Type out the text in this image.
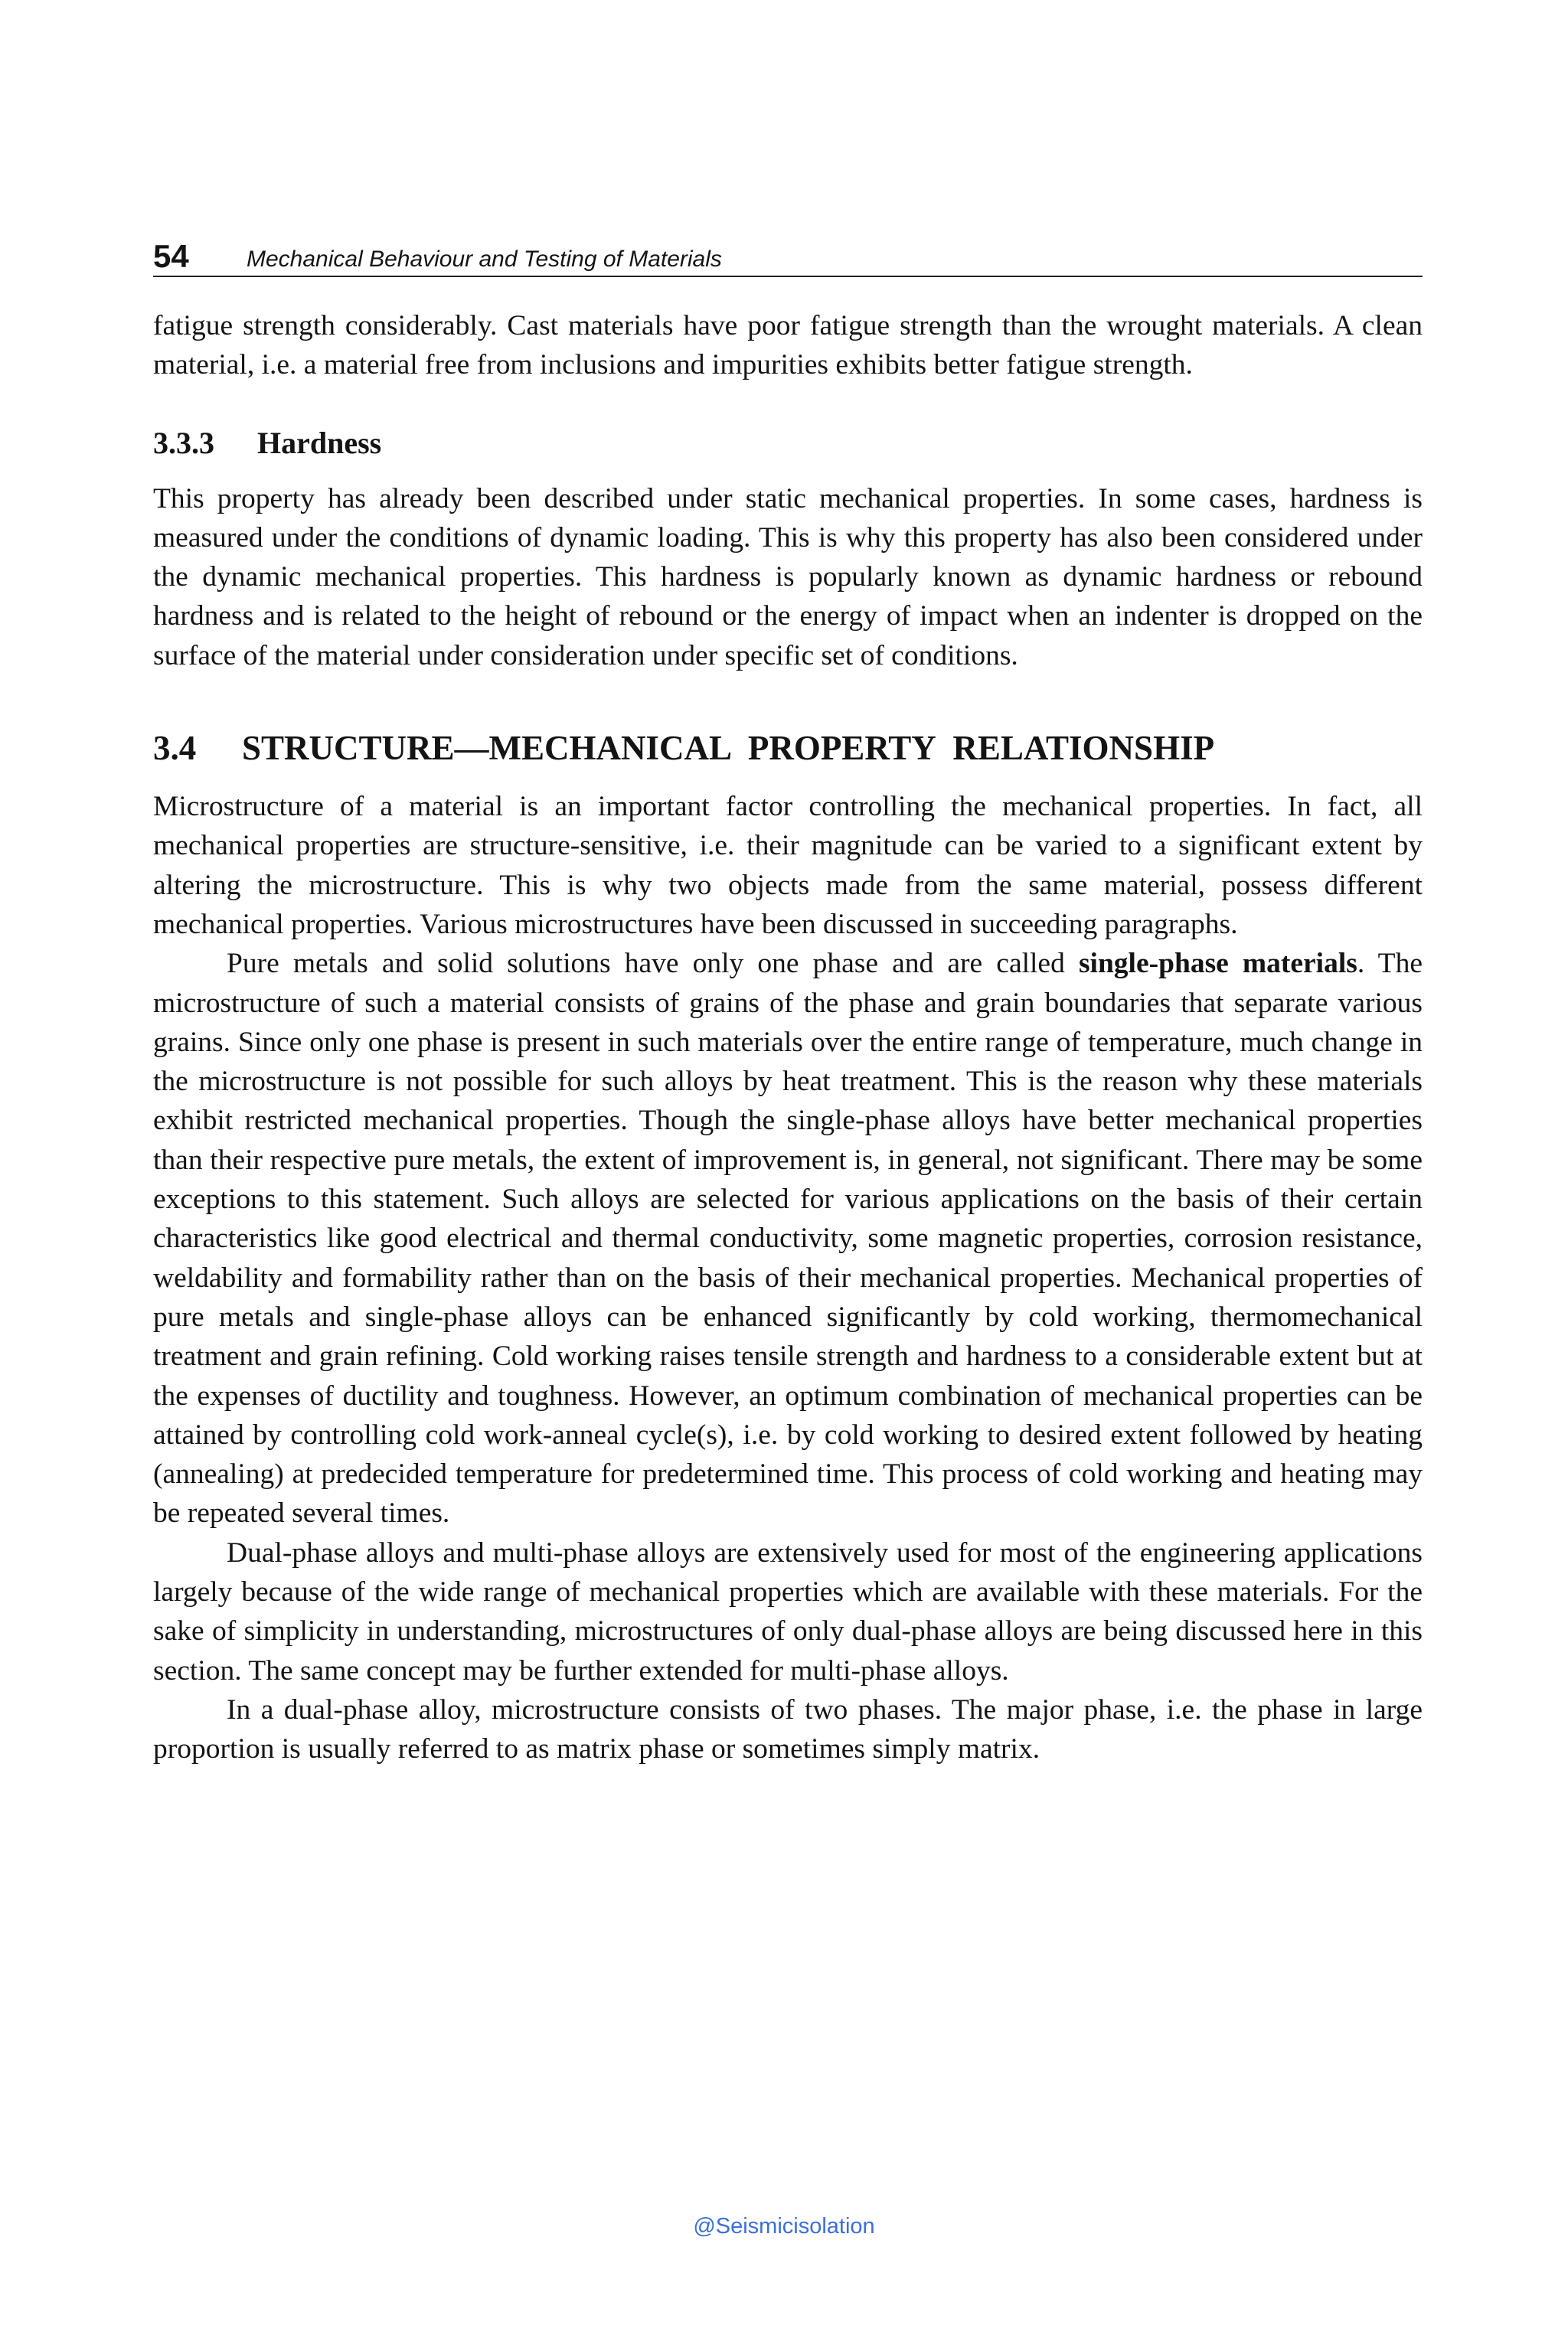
54	Mechanical Behaviour and Testing of Materials

fatigue strength considerably. Cast materials have poor fatigue strength than the wrought materials. A clean material, i.e. a material free from inclusions and impurities exhibits better fatigue strength.

3.3.3 Hardness

This property has already been described under static mechanical properties. In some cases, hardness is measured under the conditions of dynamic loading. This is why this property has also been considered under the dynamic mechanical properties. This hardness is popularly known as dynamic hardness or rebound hardness and is related to the height of rebound or the energy of impact when an indenter is dropped on the surface of the material under consideration under specific set of conditions.

3.4 STRUCTURE—MECHANICAL PROPERTY RELATIONSHIP

Microstructure of a material is an important factor controlling the mechanical properties. In fact, all mechanical properties are structure-sensitive, i.e. their magnitude can be varied to a significant extent by altering the microstructure. This is why two objects made from the same material, possess different mechanical properties. Various microstructures have been discussed in succeeding paragraphs.

Pure metals and solid solutions have only one phase and are called single-phase materials. The microstructure of such a material consists of grains of the phase and grain boundaries that separate various grains. Since only one phase is present in such materials over the entire range of temperature, much change in the microstructure is not possible for such alloys by heat treatment. This is the reason why these materials exhibit restricted mechanical properties. Though the single-phase alloys have better mechanical properties than their respective pure metals, the extent of improvement is, in general, not significant. There may be some exceptions to this statement. Such alloys are selected for various applications on the basis of their certain characteristics like good electrical and thermal conductivity, some magnetic properties, corrosion resistance, weldability and formability rather than on the basis of their mechanical properties. Mechanical properties of pure metals and single-phase alloys can be enhanced significantly by cold working, thermomechanical treatment and grain refining. Cold working raises tensile strength and hardness to a considerable extent but at the expenses of ductility and toughness. However, an optimum combination of mechanical properties can be attained by controlling cold work-anneal cycle(s), i.e. by cold working to desired extent followed by heating (annealing) at predecided temperature for predetermined time. This process of cold working and heating may be repeated several times.

Dual-phase alloys and multi-phase alloys are extensively used for most of the engineering applications largely because of the wide range of mechanical properties which are available with these materials. For the sake of simplicity in understanding, microstructures of only dual-phase alloys are being discussed here in this section. The same concept may be further extended for multi-phase alloys.

In a dual-phase alloy, microstructure consists of two phases. The major phase, i.e. the phase in large proportion is usually referred to as matrix phase or sometimes simply matrix.

@Seismicisolation
